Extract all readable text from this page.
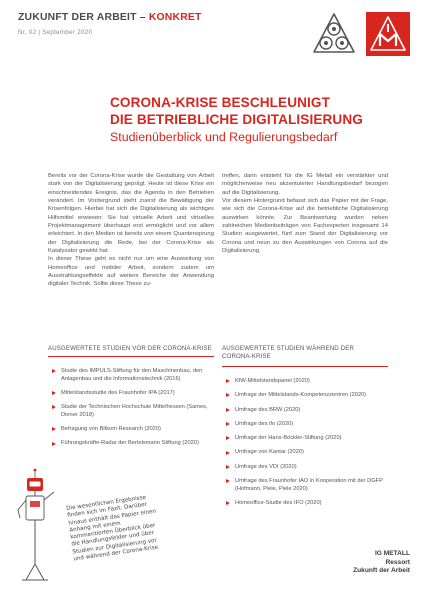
ZUKUNFT DER ARBEIT – KONKRET
Nr. 02 | September 2020
CORONA-KRISE BESCHLEUNIGT
DIE BETRIEBLICHE DIGITALISIERUNG
Studienüberblick und Regulierungsbedarf

Bereits vor der Corona-Krise wurde die Gestaltung von Arbeit stark von der Digitalisierung geprägt. Heute ist diese Krise ein einschneidendes Ereignis, das die Agenda in den Betrieben verändert. Im Vordergrund steht zuerst die Bewältigung der Krisenfolgen. Hierbei hat sich die Digitalisierung als wichtiges Hilfsmittel erwiesen: Sie hat virtuelle Arbeit und virtuelles Projektmanagement überhaupt erst ermöglicht und vor allem erleichtert. In den Medien ist bereits von einem Quantensprung der Digitalisierung die Rede, bei der Corona-Krise als Katalysator gewirkt hat.

In dieser These geht es nicht nur um eine Ausweitung von Homeoffice und mobiler Arbeit, sondern zudem um Ausstrahlungseffekte auf weitere Bereiche der Anwendung digitaler Technik. Sollte diese These zu-

treffen, dann entsteht für die IG Metall ein verstärkter und möglicherweise neu akzentuierter Handlungsbedarf bezogen auf die Digitalisierung.

Vor diesem Hintergrund befasst sich das Papier mit der Frage, wie sich die Corona-Krise auf die betriebliche Digitalisierung auswirken könnte. Zur Beantwortung wurden neben zahlreichen Medienbeiträgen von Fachexperten insgesamt 14 Studien ausgewertet, fünf zum Stand der Digitalisierung vor Corona und neun zu den Auswirkungen von Corona auf die Digitalisierung.

AUSGEWERTETE STUDIEN VOR DER CORONA-KRISE	AUSGEWERTETE STUDIEN WÄHREND DER CORONA-KRISE
Studie des IMPULS-Stiftung für den Maschinenbau, den Anlagenbau und die Informationstechnik (2016)
Mittelstandsstudie des Fraunhofer IPA (2017)
Studie der Technischen Hochschule Mittelhessen (Sames, Diener 2018)
Befragung von Bitkom Research (2020)
Führungskräfte-Radar der Bertelsmann Stiftung (2020)
KfW-Mittelstandspanel (2020)
Umfrage der Mittelstands-Kompetenzzentren (2020)
Umfrage des BRW (2020)
Umfrage des ifo (2020)
Umfrage der Hans-Böckler-Stiftung (2020)
Umfrage von Kantar (2020)
Umfrage des VDI (2020)
Umfrage des Fraunhofer IAO in Kooperation mit der DGFP (Hofmann, Piele, Piele 2020)
Homeoffice-Studie des IFO (2020)
Die wesentlichen Ergebnisse finden sich im Fazit. Darüber hinaus enthält das Papier einen Anhang mit einem kommentierten Überblick über die Handlungsfelder und über Studien zur Digitalisierung vor und während der Corona-Krise.	IG METALL
Ressort
Zukunft der Arbeit
